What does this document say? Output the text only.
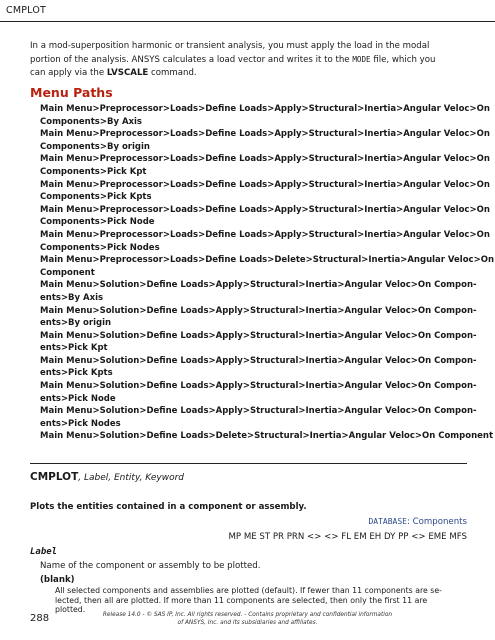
CMPLOT
In a mod-superposition harmonic or transient analysis, you must apply the load in the modal portion of the analysis. ANSYS calculates a load vector and writes it to the MODE file, which you can apply via the LVSCALE command.
Menu Paths
Main Menu>Preprocessor>Loads>Define Loads>Apply>Structural>Inertia>Angular Veloc>On
Components>By Axis
Main Menu>Preprocessor>Loads>Define Loads>Apply>Structural>Inertia>Angular Veloc>On
Components>By origin
Main Menu>Preprocessor>Loads>Define Loads>Apply>Structural>Inertia>Angular Veloc>On
Components>Pick Kpt
Main Menu>Preprocessor>Loads>Define Loads>Apply>Structural>Inertia>Angular Veloc>On
Components>Pick Kpts
Main Menu>Preprocessor>Loads>Define Loads>Apply>Structural>Inertia>Angular Veloc>On
Components>Pick Node
Main Menu>Preprocessor>Loads>Define Loads>Apply>Structural>Inertia>Angular Veloc>On
Components>Pick Nodes
Main Menu>Preprocessor>Loads>Define Loads>Delete>Structural>Inertia>Angular Veloc>On
Component
Main Menu>Solution>Define Loads>Apply>Structural>Inertia>Angular Veloc>On Compon-
ents>By Axis
Main Menu>Solution>Define Loads>Apply>Structural>Inertia>Angular Veloc>On Compon-
ents>By origin
Main Menu>Solution>Define Loads>Apply>Structural>Inertia>Angular Veloc>On Compon-
ents>Pick Kpt
Main Menu>Solution>Define Loads>Apply>Structural>Inertia>Angular Veloc>On Compon-
ents>Pick Kpts
Main Menu>Solution>Define Loads>Apply>Structural>Inertia>Angular Veloc>On Compon-
ents>Pick Node
Main Menu>Solution>Define Loads>Apply>Structural>Inertia>Angular Veloc>On Compon-
ents>Pick Nodes
Main Menu>Solution>Define Loads>Delete>Structural>Inertia>Angular Veloc>On Component
CMPLOT, Label, Entity, Keyword
Plots the entities contained in a component or assembly.
DATABASE: Components
MP ME ST PR PRN <> <> FL EM EH DY PP <> EME MFS
Label
Name of the component or assembly to be plotted.
(blank)
All selected components and assemblies are plotted (default). If fewer than 11 components are se-
lected, then all are plotted. If more than 11 components are selected, then only the first 11 are
plotted.
288	Release 14.0 - © SAS IP, Inc. All rights reserved. - Contains proprietary and confidential information
of ANSYS, Inc. and its subsidiaries and affiliates.
